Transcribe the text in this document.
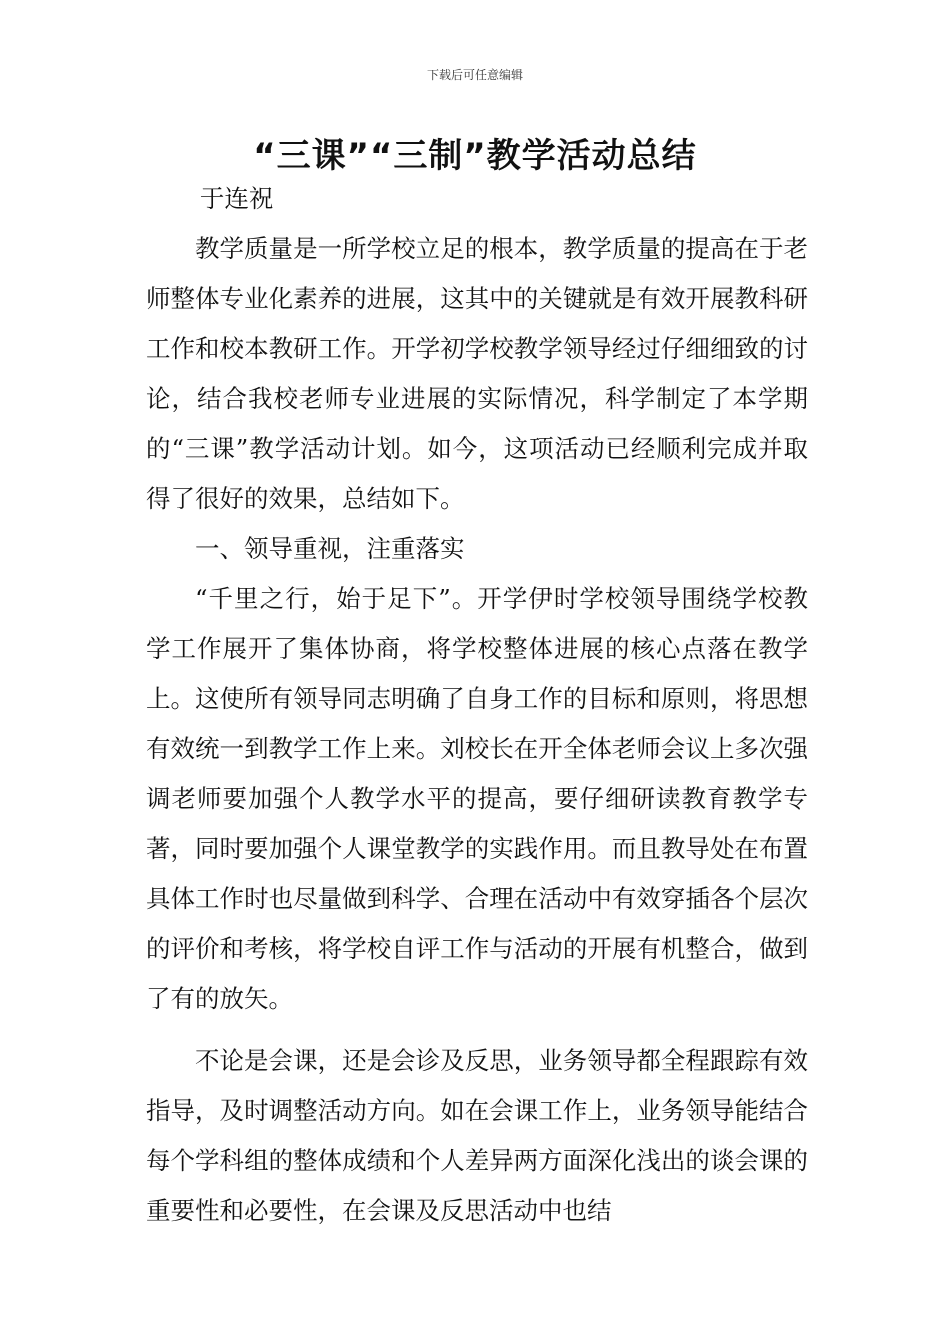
下载后可任意编辑
“三课”“三制”教学活动总结

于连祝

教学质量是一所学校立足的根本，教学质量的提高在于老师整体专业化素养的进展，这其中的关键就是有效开展教科研工作和校本教研工作。开学初学校教学领导经过仔细细致的讨论，结合我校老师专业进展的实际情况，科学制定了本学期的“三课”教学活动计划。如今，这项活动已经顺利完成并取得了很好的效果，总结如下。

一、领导重视，注重落实

“千里之行，始于足下”。开学伊时学校领导围绕学校教学工作展开了集体协商，将学校整体进展的核心点落在教学上。这使所有领导同志明确了自身工作的目标和原则，将思想有效统一到教学工作上来。刘校长在开全体老师会议上多次强调老师要加强个人教学水平的提高，要仔细研读教育教学专著，同时要加强个人课堂教学的实践作用。而且教导处在布置具体工作时也尽量做到科学、合理在活动中有效穿插各个层次的评价和考核，将学校自评工作与活动的开展有机整合，做到了有的放矢。

不论是会课，还是会诊及反思，业务领导都全程跟踪有效指导，及时调整活动方向。如在会课工作上，业务领导能结合每个学科组的整体成绩和个人差异两方面深化浅出的谈会课的重要性和必要性，在会课及反思活动中也结
